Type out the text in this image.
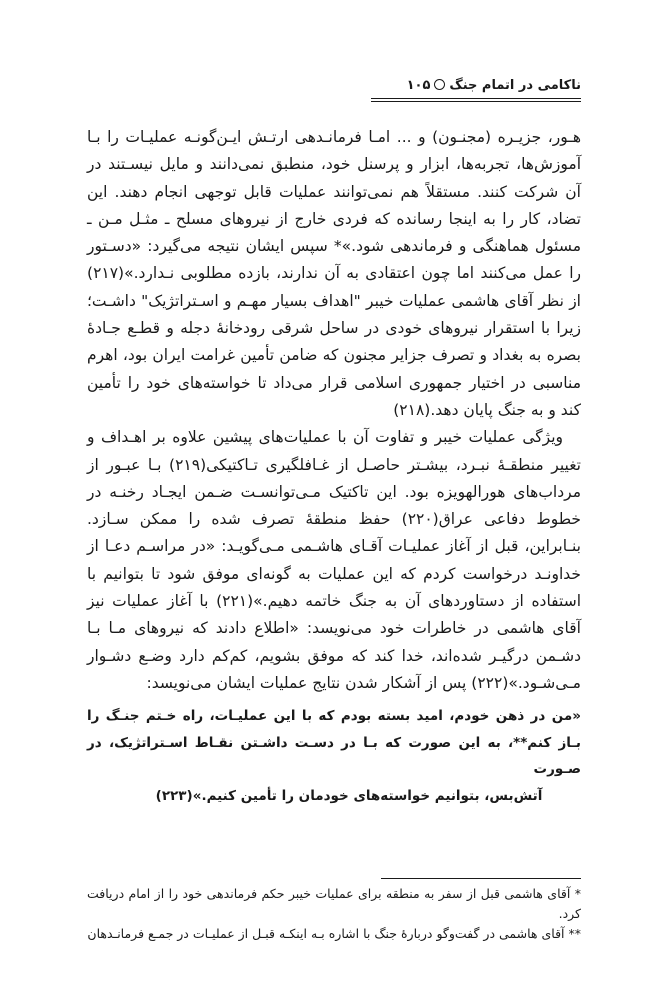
ناکامی در اتمام جنگ۱۰۵

هـور، جزیـره (مجنـون) و ... امـا فرمانـدهی ارتـش ایـن‌گونـه عملیـات را بـا آموزش‌ها، تجربه‌ها، ابزار و پرسنل خود، منطبق نمی‌دانند و مایل نیسـتند در آن شرکت کنند. مستقلاً هم نمی‌توانند عملیات قابل توجهی انجام دهند. این تضاد، کار را به اینجا رسانده که فردی خارج از نیروهای مسلح ـ مثـل مـن ـ مسئول هماهنگی و فرماندهی شود.»* سپس ایشان نتیجه می‌گیرد: «دسـتور را عمل می‌کنند اما چون اعتقادی به آن ندارند، بازده مطلوبی نـدارد.»(۲۱۷) از نظر آقای هاشمی عملیات خیبر "اهداف بسیار مهـم و اسـتراتژیک" داشـت؛ زیرا با استقرار نیروهای خودی در ساحل شرقی رودخانهٔ دجله و قطـع جـادهٔ بصره به بغداد و تصرف جزایر مجنون که ضامن تأمین غرامت ایران بود، اهرم مناسبی در اختیار جمهوری اسلامی قرار می‌داد تا خواسته‌های خود را تأمین کند و به جنگ پایان دهد.(۲۱۸)

ویژگی عملیات خیبر و تفاوت آن با عملیات‌های پیشین علاوه بر اهـداف و تغییر منطقـهٔ نبـرد، بیشـتر حاصـل از غـافلگیری تـاکتیکی(۲۱۹) بـا عبـور از مرداب‌های هورالهویزه بود. این تاکتیک مـی‌توانسـت ضـمن ایجـاد رخنـه در خطوط دفاعی عراق(۲۲۰) حفظ منطقهٔ تصرف شده را ممکن سـازد. بنـابراین، قبل از آغاز عملیـات آقـای هاشـمی مـی‌گویـد: «در مراسـم دعـا از خداونـد درخواست کردم که این عملیات به گونه‌ای موفق شود تا بتوانیم با استفاده از دستاوردهای آن به جنگ خاتمه دهیم.»(۲۲۱) با آغاز عملیات نیز آقای هاشمی در خاطرات خود می‌نویسد: «اطلاع دادند که نیروهای مـا بـا دشـمن درگیـر شده‌اند، خدا کند که موفق بشویم، کم‌کم دارد وضـع دشـوار مـی‌شـود.»(۲۲۲) پس از آشکار شدن نتایج عملیات ایشان می‌نویسد:

«من در ذهن خودم، امید بسته بودم که با این عملیـات، راه خـتم جنـگ را بـاز کنم**، به این صورت که بـا در دسـت داشـتن نقـاط اسـتراتژیک، در صـورت

آتش‌بس، بتوانیم خواسته‌های خودمان را تأمین کنیم.»(۲۲۳)

* آقای هاشمی قبل از سفر به منطقه برای عملیات خیبر حکم فرماندهی خود را از امام دریافت کرد.

** آقای هاشمی در گفت‌وگو دربارهٔ جنگ با اشاره بـه اینکـه قبـل از عملیـات در جمـع فرمانـدهان
